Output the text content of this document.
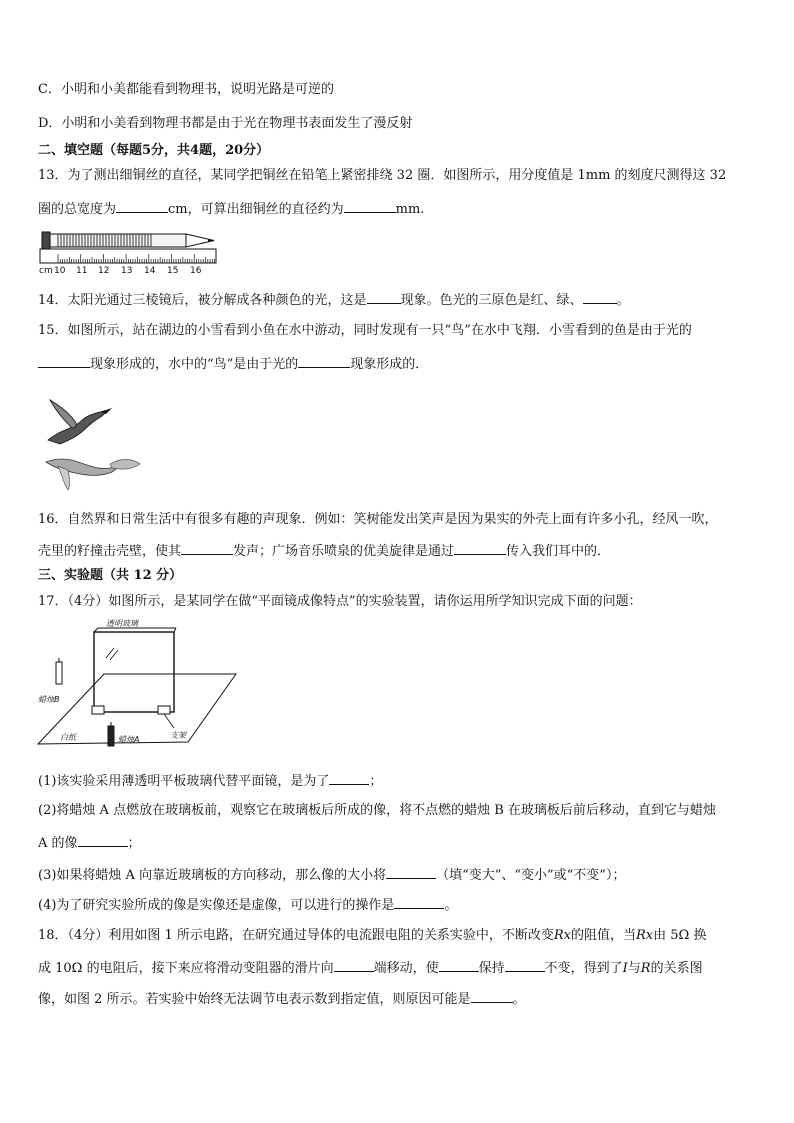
C．小明和小美都能看到物理书，说明光路是可逆的
D．小明和小美看到物理书都是由于光在物理书表面发生了漫反射
二、填空题（每题5分，共4题，20分）
13．为了测出细铜丝的直径，某同学把铜丝在铅笔上紧密排绕 32 圈．如图所示，用分度值是 1mm 的刻度尺测得这 32
圈的总宽度为	cm，可算出细铜丝的直径约为	mm.
cm 10 11 12 13 14 15 16
14．太阳光通过三棱镜后，被分解成各种颜色的光，这是	现象。色光的三原色是红、绿、	。
15．如图所示，站在湖边的小雪看到小鱼在水中游动，同时发现有一只“鸟”在水中飞翔．小雪看到的鱼是由于光的
现象形成的，水中的“鸟”是由于光的	现象形成的．
16．自然界和日常生活中有很多有趣的声现象．例如：笑树能发出笑声是因为果实的外壳上面有许多小孔，经风一吹，
壳里的籽撞击壳壁，使其	发声；广场音乐喷泉的优美旋律是通过	传入我们耳中的．
三、实验题（共 12 分）
17．（4分）如图所示，是某同学在做“平面镜成像特点”的实验装置，请你运用所学知识完成下面的问题：
透明玻璃
蜡烛B
蜡烛A
白纸	支架
(1)该实验采用薄透明平板玻璃代替平面镜，是为了	；
(2)将蜡烛 A 点燃放在玻璃板前，观察它在玻璃板后所成的像，将不点燃的蜡烛 B 在玻璃板后前后移动，直到它与蜡烛
A 的像	；
(3)如果将蜡烛 A 向靠近玻璃板的方向移动，那么像的大小将	（填“变大”、“变小”或“不变”）；
(4)为了研究实验所成的像是实像还是虚像，可以进行的操作是	。
18．（4分）利用如图 1 所示电路，在研究通过导体的电流跟电阻的关系实验中，不断改变Rx的阻值，当Rx由 5Ω 换
成 10Ω 的电阻后，接下来应将滑动变阻器的滑片向	端移动，使	保持	不变，得到了I与R的关系图
像，如图 2 所示。若实验中始终无法调节电表示数到指定值，则原因可能是	。
